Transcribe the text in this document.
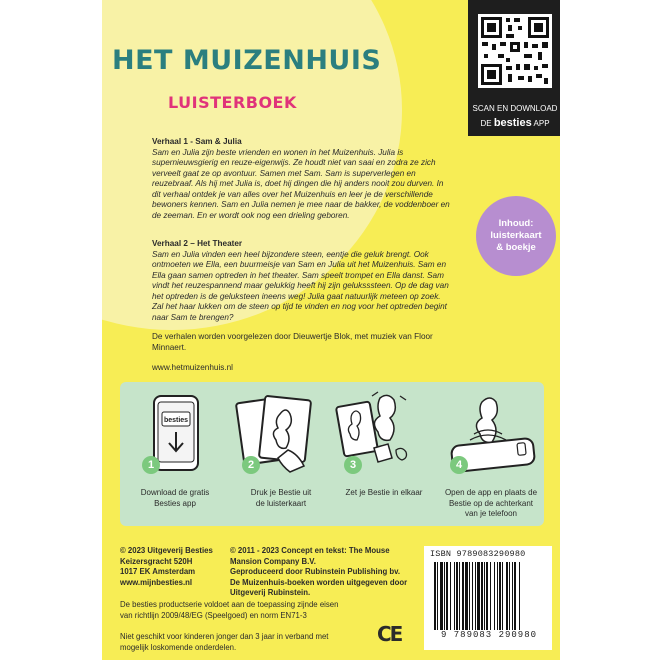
HET MUIZENHUIS
LUISTERBOEK	SCAN EN DOWNLOAD
DE besties APP
Verhaal 1 - Sam & Julia
Sam en Julia zijn beste vrienden en wonen in het Muizenhuis. Julia is supernieuwsgierig en reuze-eigenwijs. Ze houdt niet van saai en zodra ze zich verveelt gaat ze op avontuur. Samen met Sam. Sam is superverlegen en reuzebraaf. Als hij met Julia is, doet hij dingen die hij anders nooit zou durven. In dit verhaal ontdek je van alles over het Muizenhuis en leer je de verschillende bewoners kennen. Sam en Julia nemen je mee naar de bakker, de voddenboer en de zeeman. En er wordt ook nog een drieling geboren.
Verhaal 2 – Het Theater
Sam en Julia vinden een heel bijzondere steen, eentje die geluk brengt. Ook ontmoeten we Ella, een buurmeisje van Sam en Julia uit het Muizenhuis. Sam en Ella gaan samen optreden in het theater. Sam speelt trompet en Ella danst. Sam vindt het reuzespannend maar gelukkig heeft hij zijn geluksssteen. Op de dag van het optreden is de geluksteen ineens weg! Julia gaat natuurlijk meteen op zoek. Zal het haar lukken om de steen op tijd te vinden en nog voor het optreden begint naar Sam te brengen?
De verhalen worden voorgelezen door Dieuwertje Blok, met muziek van Floor Minnaert.
www.hetmuizenhuis.nl
Inhoud:
luisterkaart
& boekje
besties
1
Download de gratis
Besties app
2
Druk je Bestie uit
de luisterkaart
3
Zet je Bestie in elkaar
4
Open de app en plaats de
Bestie op de achterkant
van je telefoon
© 2023 Uitgeverij Besties
Keizersgracht 520H
1017 EK Amsterdam
www.mijnbesties.nl
© 2011 - 2023 Concept en tekst: The Mouse
Mansion Company B.V.
Geproduceerd door Rubinstein Publishing bv.
De Muizenhuis-boeken worden uitgegeven door
Uitgeverij Rubinstein.
De besties productserie voldoet aan de toepassing zijnde eisen
van richtlijn 2009/48/EG (Speelgoed) en norm EN71-3
Niet geschikt voor kinderen jonger dan 3 jaar in verband met
mogelijk loskomende onderdelen.
CE
ISBN 9789083290980
9 789083 290980
